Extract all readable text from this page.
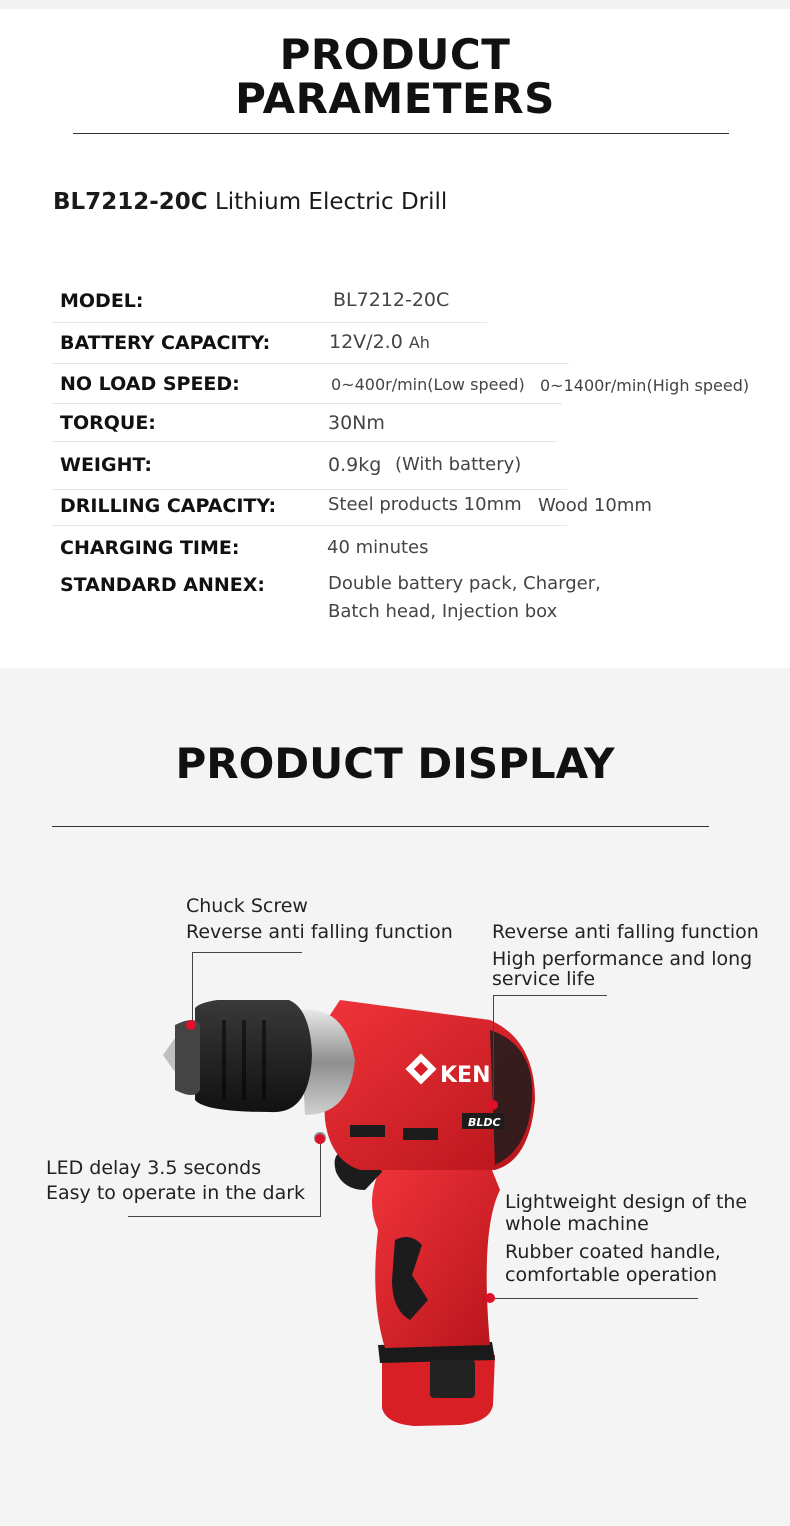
PRODUCT
PARAMETERS
BL7212-20C Lithium Electric Drill
MODEL:	BL7212-20C
BATTERY CAPACITY:	12V/2.0 Ah
NO LOAD SPEED:	0~400r/min(Low speed) 0~1400r/min(High speed)
TORQUE:	30Nm
WEIGHT:	0.9kg (With battery)
DRILLING CAPACITY:	Steel products 10mm Wood 10mm
CHARGING TIME:	40 minutes
STANDARD ANNEX:	Double battery pack, Charger,
Batch head, Injection box
PRODUCT DISPLAY
KEN
BLDC
Chuck Screw
Reverse anti falling function Reverse anti falling function
High performance and long
service life
LED delay 3.5 seconds
Easy to operate in the dark	Lightweight design of the
whole machine
Rubber coated handle,
comfortable operation
